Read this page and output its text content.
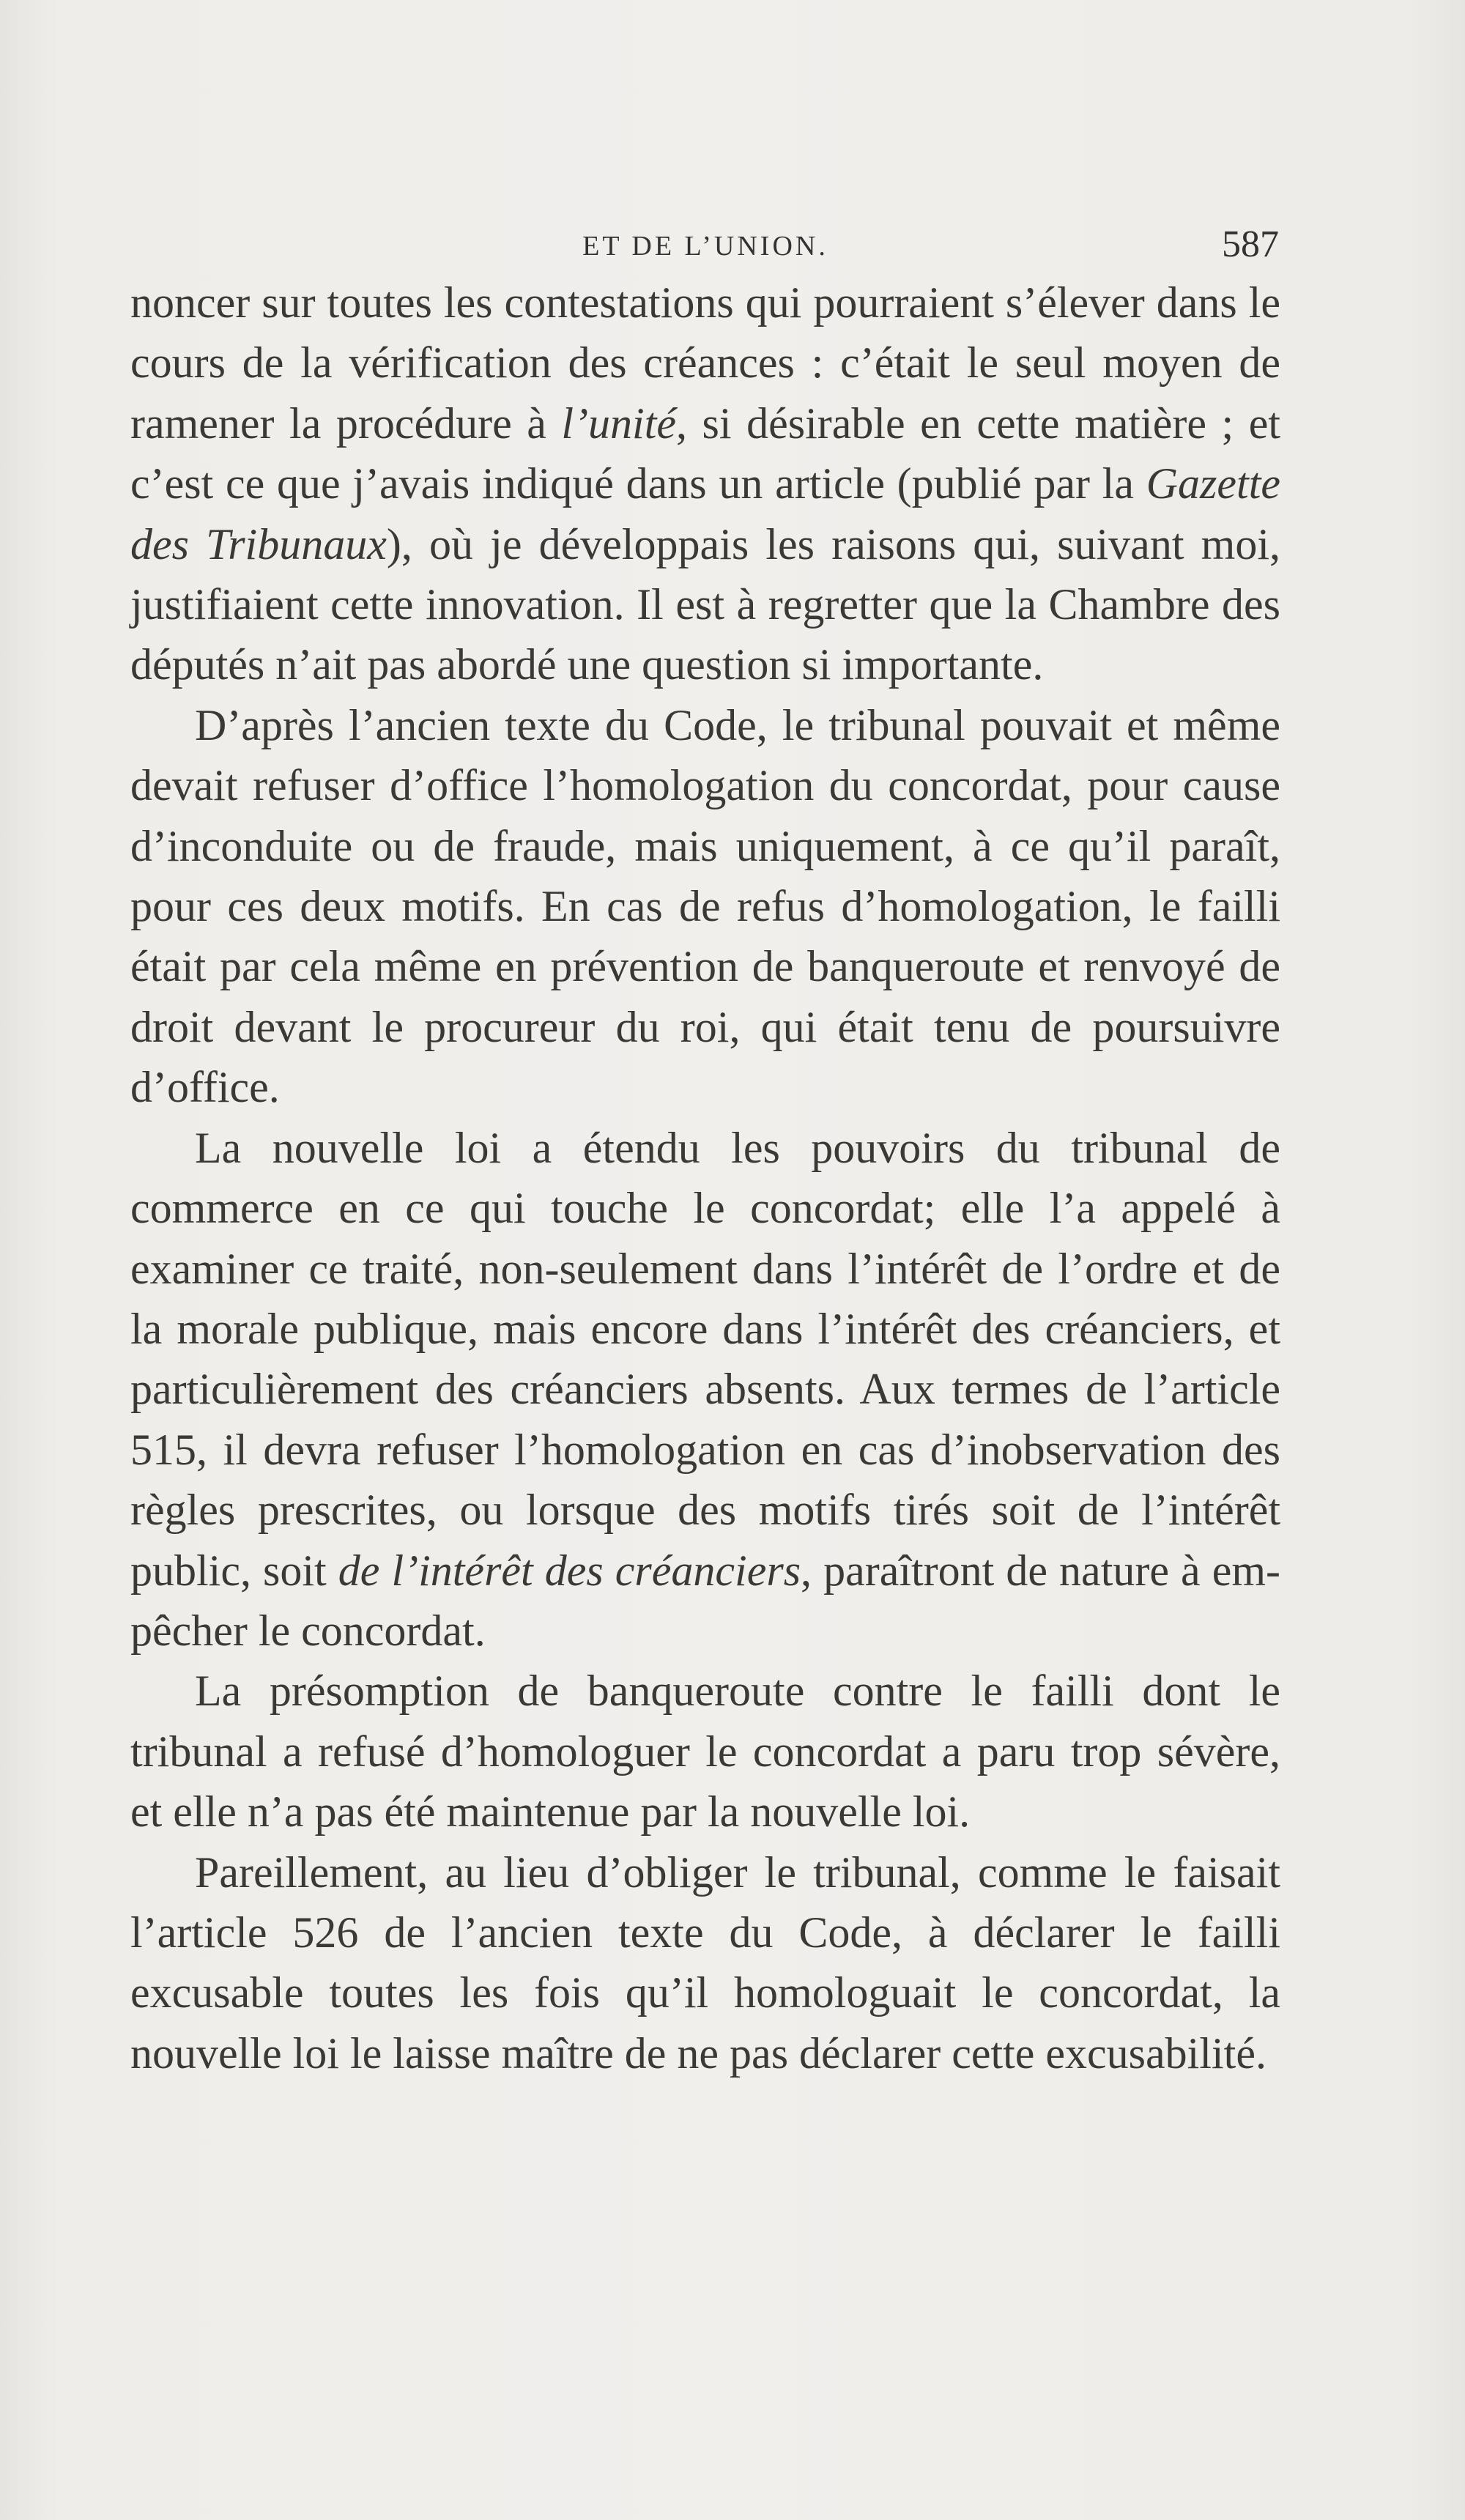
ET DE L’UNION.	587

noncer sur toutes les contestations qui pourraient s’élever dans le cours de la vérification des créances : c’était le seul moyen de ramener la procédure à l’unité, si désirable en cette matière ; et c’est ce que j’avais indiqué dans un article (publié par la Gazette des Tribunaux), où je développais les raisons qui, suivant moi, justifiaient cette innovation. Il est à regretter que la Chambre des députés n’ait pas abordé une question si importante.

D’après l’ancien texte du Code, le tribunal pouvait et même devait refuser d’office l’homologation du concordat, pour cause d’inconduite ou de fraude, mais uniquement, à ce qu’il paraît, pour ces deux motifs. En cas de refus d’homologation, le failli était par cela même en prévention de banqueroute et renvoyé de droit devant le procureur du roi, qui était tenu de poursuivre d’office.

La nouvelle loi a étendu les pouvoirs du tribunal de commerce en ce qui touche le concordat; elle l’a appelé à examiner ce traité, non-seulement dans l’intérêt de l’ordre et de la morale publique, mais encore dans l’intérêt des créanciers, et particulièrement des créanciers absents. Aux termes de l’article 515, il devra refuser l’homologation en cas d’inobservation des règles prescrites, ou lorsque des motifs tirés soit de l’intérêt public, soit de l’intérêt des créanciers, paraîtront de nature à empêcher le concordat.

La présomption de banqueroute contre le failli dont le tribunal a refusé d’homologuer le concordat a paru trop sévère, et elle n’a pas été maintenue par la nouvelle loi.

Pareillement, au lieu d’obliger le tribunal, comme le faisait l’article 526 de l’ancien texte du Code, à déclarer le failli excusable toutes les fois qu’il homologuait le concordat, la nouvelle loi le laisse maître de ne pas déclarer cette excusabilité.
